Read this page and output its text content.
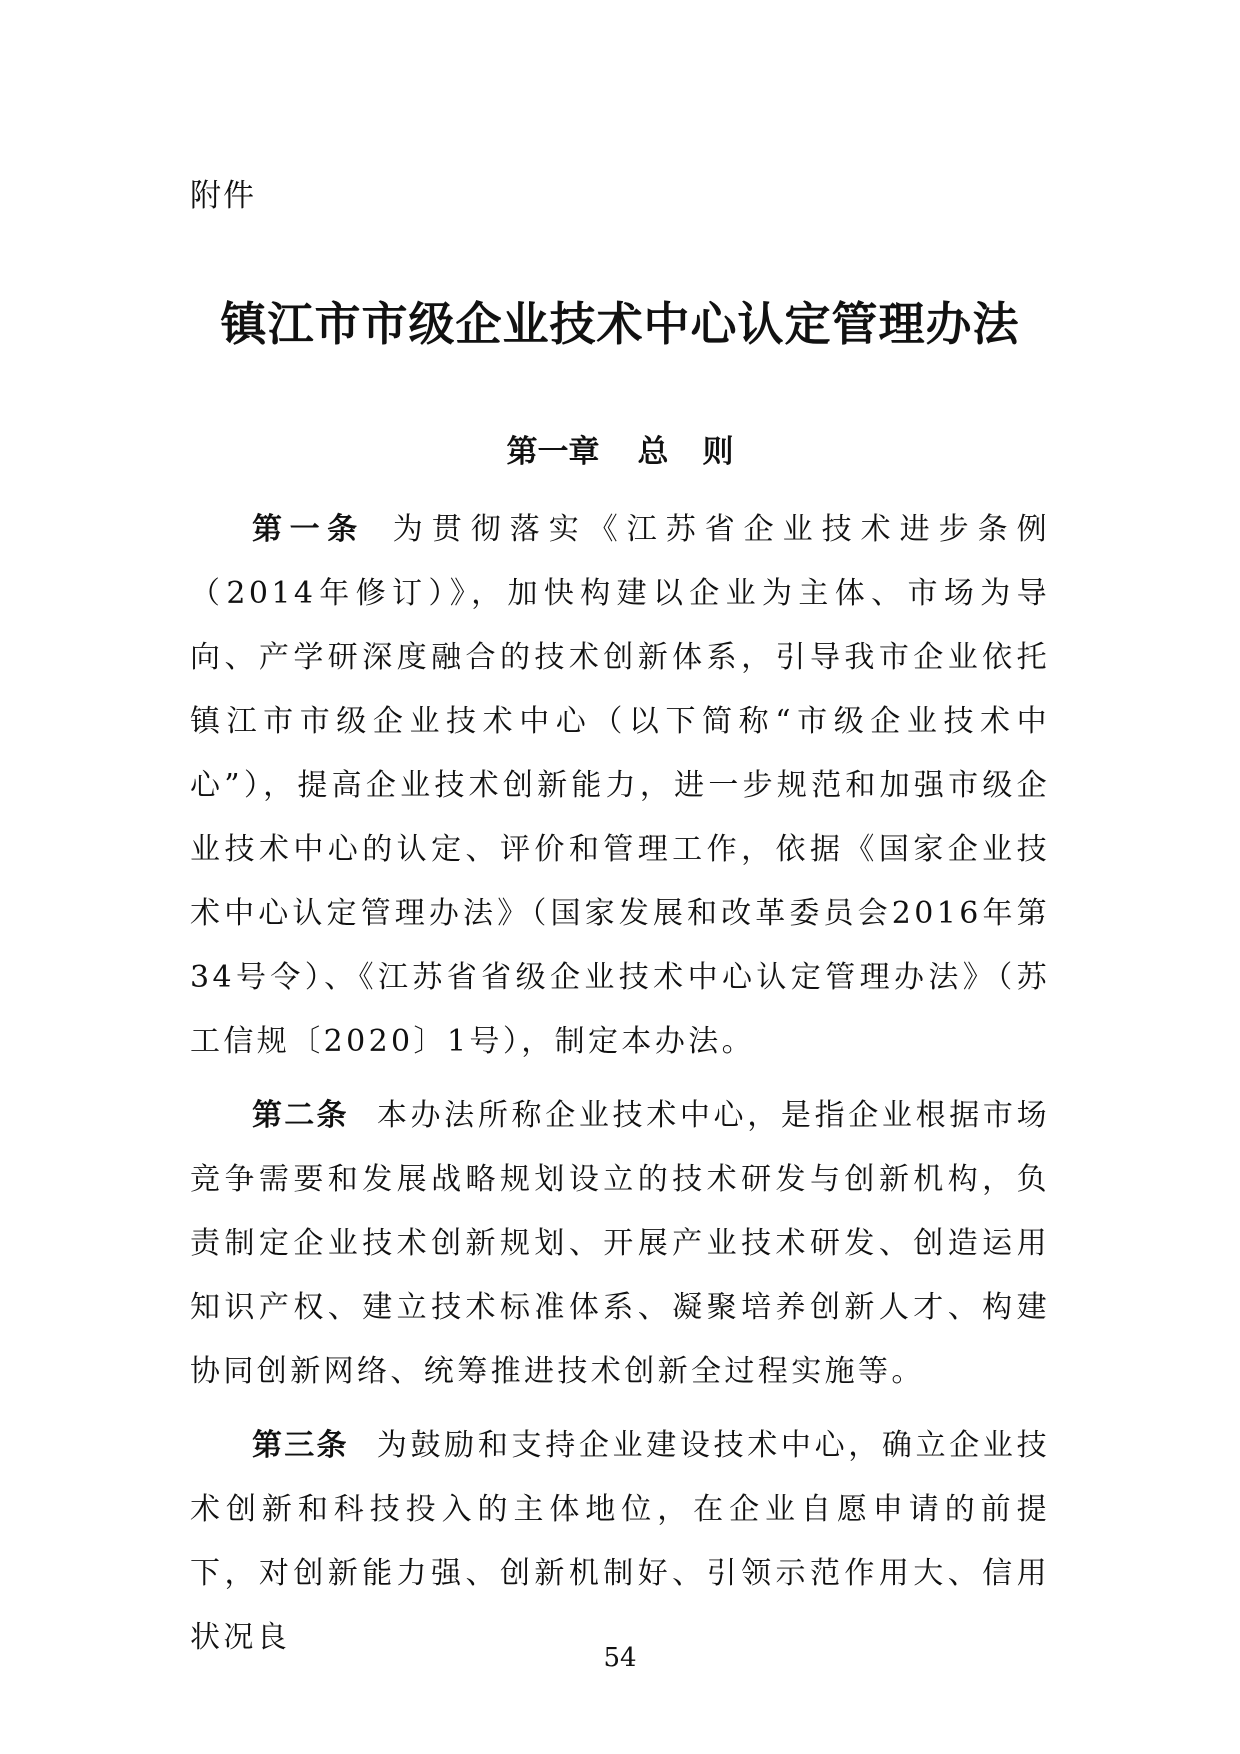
附件
镇江市市级企业技术中心认定管理办法
第一章 总 则

第一条 为贯彻落实《江苏省企业技术进步条例（2014年修订）》，加快构建以企业为主体、市场为导向、产学研深度融合的技术创新体系，引导我市企业依托镇江市市级企业技术中心（以下简称“市级企业技术中心”），提高企业技术创新能力，进一步规范和加强市级企业技术中心的认定、评价和管理工作，依据《国家企业技术中心认定管理办法》（国家发展和改革委员会2016年第34号令）、《江苏省省级企业技术中心认定管理办法》（苏工信规〔2020〕1号），制定本办法。

第二条 本办法所称企业技术中心，是指企业根据市场竞争需要和发展战略规划设立的技术研发与创新机构，负责制定企业技术创新规划、开展产业技术研发、创造运用知识产权、建立技术标准体系、凝聚培养创新人才、构建协同创新网络、统筹推进技术创新全过程实施等。

第三条 为鼓励和支持企业建设技术中心，确立企业技术创新和科技投入的主体地位，在企业自愿申请的前提下，对创新能力强、创新机制好、引领示范作用大、信用状况良

54
